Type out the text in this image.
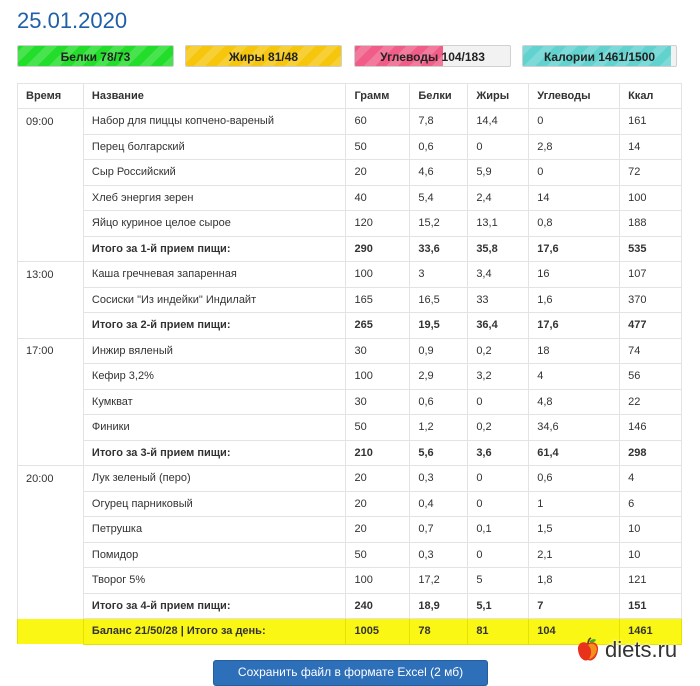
25.01.2020
Белки 78/73	Жиры 81/48	Углеводы 104/183	Калории 1461/1500
Время	Название	Грамм	Белки	Жиры	Углеводы	Ккал
09:00	Набор для пиццы копчено-вареный	60	7,8	14,4	0	161
	Перец болгарский	50	0,6	0	2,8	14
	Сыр Российский	20	4,6	5,9	0	72
	Хлеб энергия зерен	40	5,4	2,4	14	100
	Яйцо куриное целое сырое	120	15,2	13,1	0,8	188
	Итого за 1-й прием пищи:	290	33,6	35,8	17,6	535
13:00	Каша гречневая запаренная	100	3	3,4	16	107
	Сосиски "Из индейки" Индилайт	165	16,5	33	1,6	370
	Итого за 2-й прием пищи:	265	19,5	36,4	17,6	477
17:00	Инжир вяленый	30	0,9	0,2	18	74
	Кефир 3,2%	100	2,9	3,2	4	56
	Кумкват	30	0,6	0	4,8	22
	Финики	50	1,2	0,2	34,6	146
	Итого за 3-й прием пищи:	210	5,6	3,6	61,4	298
20:00	Лук зеленый (перо)	20	0,3	0	0,6	4
	Огурец парниковый	20	0,4	0	1	6
	Петрушка	20	0,7	0,1	1,5	10
	Помидор	50	0,3	0	2,1	10
	Творог 5%	100	17,2	5	1,8	121
	Итого за 4-й прием пищи:	240	18,9	5,1	7	151
	Баланс 21/50/28 | Итого за день:	1005	78	81	104	1461
Сохранить файл в формате Excel (2 мб)
diets.ru
